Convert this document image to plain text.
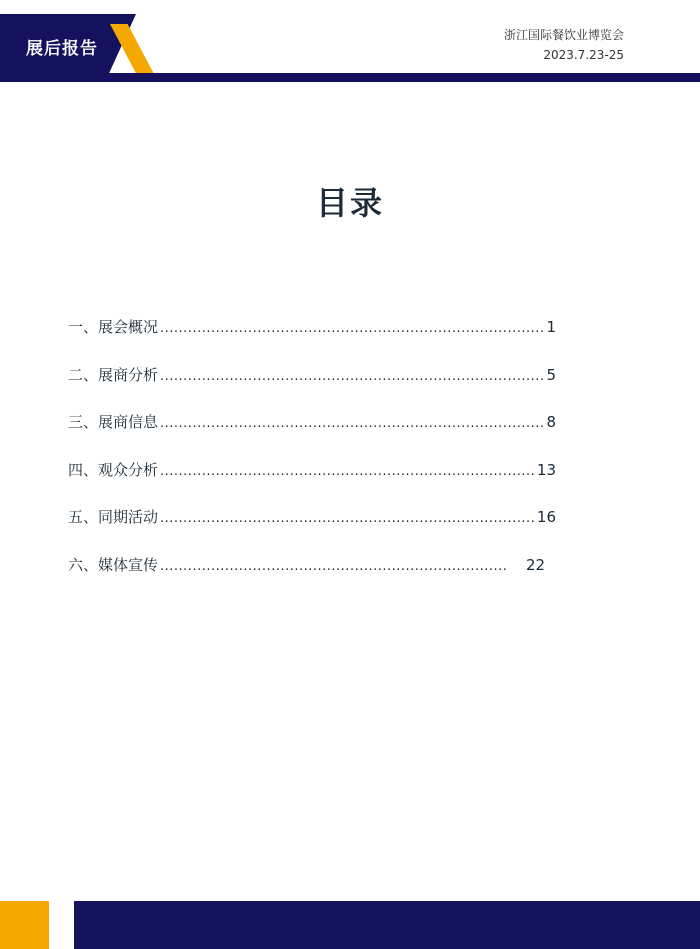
展后报告
浙江国际餐饮业博览会
2023.7.23-25
目录
一、展会概况 .....	1
二、展商分析 .....	5
三、展商信息 .....	8
四、观众分析 .....	13
五、同期活动 .....	16
六、媒体宣传 .....	22
